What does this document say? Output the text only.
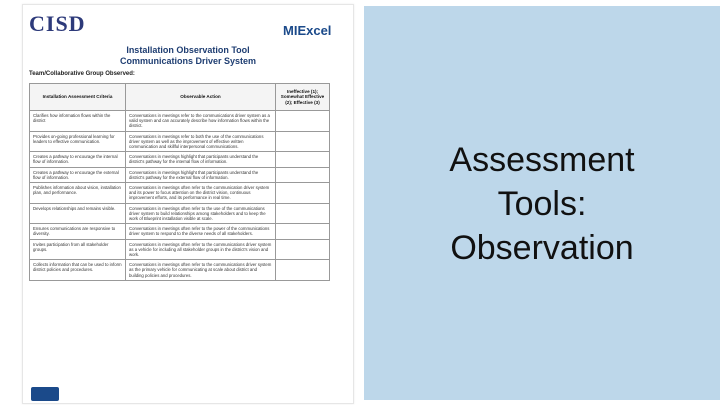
CISD
	MIExcel
Installation Observation Tool
Communications Driver System
Team/Collaborative Group Observed:
Installation Assessment Criteria	Observable Action	Ineffective (1); Somewhat Effective (2); Effective (3)
Clarifies how information flows within the district	Conversations in meetings refer to the communications driver system as a valid system and can accurately describe how information flows within the district.	
Provides on-going professional learning for leaders to effective communication.	Conversations in meetings refer to both the use of the communications driver system as well as the improvement of effective written communication and skillful interpersonal communications.	
Creates a pathway to encourage the internal flow of information.	Conversations in meetings highlight that participants understand the district's pathway for the internal flow of information.	
Creates a pathway to encourage the external flow of information.	Conversations in meetings highlight that participants understand the district's pathway for the external flow of information.	
Publishes information about vision, installation plan, and performance.	Conversations in meetings often refer to the communication driver system and its power to focus attention on the district vision, continuous improvement efforts, and its performance in real time.	
Develops relationships and remains visible.	Conversations in meetings often refer to the use of the communications driver system to build relationships among stakeholders and to keep the work of Blueprint installation visible at scale.	
Ensures communications are responsive to diversity.	Conversations in meetings often refer to the power of the communications driver system to respond to the diverse needs of all stakeholders.	
Invites participation from all stakeholder groups.	Conversations in meetings often refer to the communications driver system as a vehicle for including all stakeholder groups in the district's vision and work.	
Collects information that can be used to inform district policies and procedures.	Conversations in meetings often refer to the communications driver system as the primary vehicle for communicating at scale about district and building policies and procedures.	
Assessment
Tools:
Observation
